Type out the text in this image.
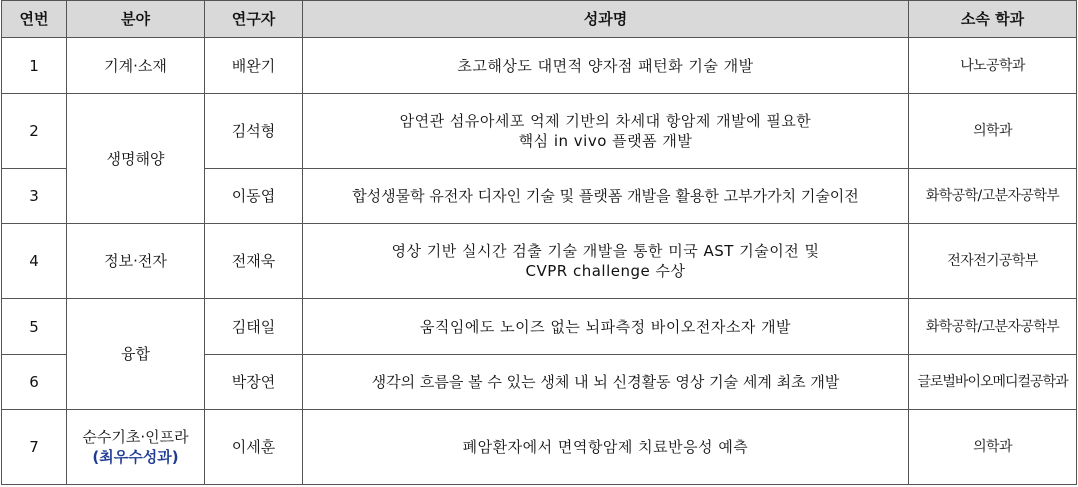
연번	분야	연구자	성과명	소속 학과
1	기계·소재	배완기	초고해상도 대면적 양자점 패턴화 기술 개발	나노공학과
2	생명해양	김석형	암연관 섬유아세포 억제 기반의 차세대 항암제 개발에 필요한
핵심 in vivo 플랫폼 개발	의학과
3		이동엽	합성생물학 유전자 디자인 기술 및 플랫폼 개발을 활용한 고부가가치 기술이전	화학공학/고분자공학부
4	정보·전자	전재욱	영상 기반 실시간 검출 기술 개발을 통한 미국 AST 기술이전 및
CVPR challenge 수상	전자전기공학부
5	융합	김태일	움직임에도 노이즈 없는 뇌파측정 바이오전자소자 개발	화학공학/고분자공학부
6		박장연	생각의 흐름을 볼 수 있는 생체 내 뇌 신경활동 영상 기술 세계 최초 개발	글로벌바이오메디컬공학과
7	순수기초·인프라
(최우수성과)	이세훈	폐암환자에서 면역항암제 치료반응성 예측	의학과
